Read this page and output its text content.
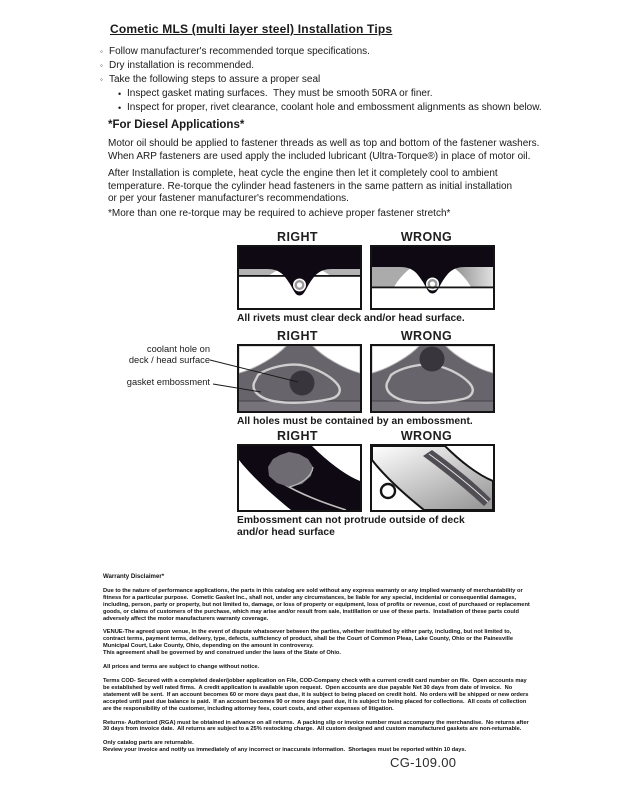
Cometic MLS (multi layer steel) Installation Tips
◦ Follow manufacturer's recommended torque specifications.
◦ Dry installation is recommended.
◦ Take the following steps to assure a proper seal
• Inspect gasket mating surfaces.  They must be smooth 50RA or finer.
• Inspect for proper, rivet clearance, coolant hole and embossment alignments as shown below.
*For Diesel Applications*
Motor oil should be applied to fastener threads as well as top and bottom of the fastener washers.
When ARP fasteners are used apply the included lubricant (Ultra-Torque®) in place of motor oil.
After Installation is complete, heat cycle the engine then let it completely cool to ambient
temperature. Re-torque the cylinder head fasteners in the same pattern as initial installation
or per your fastener manufacturer's recommendations.
*More than one re-torque may be required to achieve proper fastener stretch*
RIGHT	WRONG
All rivets must clear deck and/or head surface.
RIGHT	WRONG
All holes must be contained by an embossment.
coolant hole on
deck / head surface
gasket embossment
RIGHT	WRONG
Embossment can not protrude outside of deck and/or head surface
Warranty Disclaimer*
Due to the nature of performance applications, the parts in this catalog are sold without any express warranty or any implied warranty of merchantability or fitness for a particular purpose.  Cometic Gasket Inc., shall not, under any circumstances, be liable for any special, incidental or consequential damages, including, person, party or property, but not limited to, damage, or loss of property or equipment, loss of profits or revenue, cost of purchased or replacement goods, or claims of customers of the purchase, which may arise and/or result from sale, instillation or use of these parts.  Installation of these parts could adversely affect the motor manufacturers warranty coverage.
VENUE-The agreed upon venue, in the event of dispute whatsoever between the parties, whether instituted by either party, including, but not limited to, contract terms, payment terms, delivery, type, defects, sufficiency of product, shall be the Court of Common Pleas, Lake County, Ohio or the Painesville Municipal Court, Lake County, Ohio, depending on the amount in controversy.
This agreement shall be governed by and construed under the laws of the State of Ohio.
All prices and terms are subject to change without notice.
Terms COD- Secured with a completed dealer/jobber application on File, COD-Company check with a current credit card number on file.  Open accounts may be established by well rated firms.  A credit application is available upon request.  Open accounts are due payable Net 30 days from date of invoice.  No statement will be sent.  If an account becomes 60 or more days past due, it is subject to being placed on credit hold.  No orders will be shipped or new orders accepted until past due balance is paid.  If an account becomes 90 or more days past due, it is subject to being placed for collections.  All costs of collection are the responsibility of the customer, including attorney fees, court costs, and other expenses of litigation.
Returns- Authorized (RGA) must be obtained in advance on all returns.  A packing slip or invoice number must accompany the merchandise.  No returns after 30 days from invoice date.  All returns are subject to a 25% restocking charge.  All custom designed and custom manufactured gaskets are non-returnable.
Only catalog parts are returnable.
Review your invoice and notify us immediately of any incorrect or inaccurate information.  Shortages must be reported within 10 days.
CG-109.00
